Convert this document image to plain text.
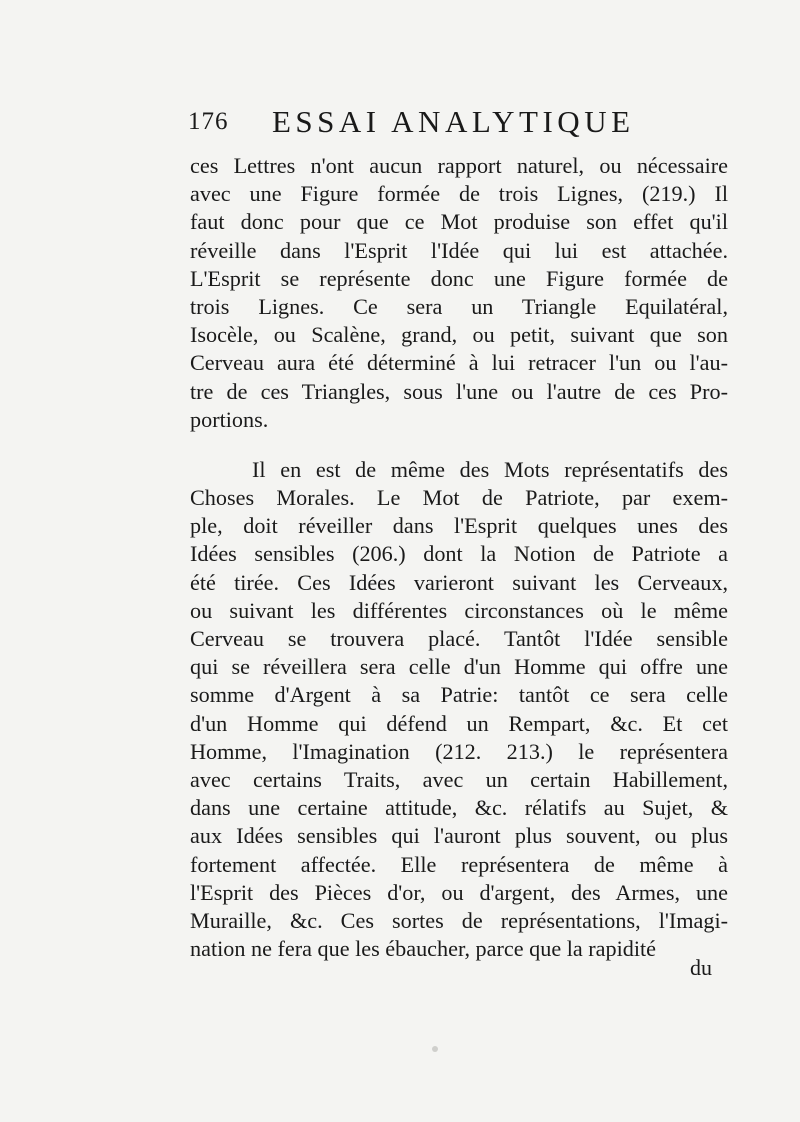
176 ESSAI ANALYTIQUE
ces Lettres n'ont aucun rapport naturel, ou nécessaire
avec une Figure formée de trois Lignes, (219.) Il
faut donc pour que ce Mot produise son effet qu'il
réveille dans l'Esprit l'Idée qui lui est attachée.
L'Esprit se représente donc une Figure formée de
trois Lignes. Ce sera un Triangle Equilatéral,
Isocèle, ou Scalène, grand, ou petit, suivant que son
Cerveau aura été déterminé à lui retracer l'un ou l'au-
tre de ces Triangles, sous l'une ou l'autre de ces Pro-
portions.
Il en est de même des Mots représentatifs des
Choses Morales. Le Mot de Patriote, par exem-
ple, doit réveiller dans l'Esprit quelques unes des
Idées sensibles (206.) dont la Notion de Patriote a
été tirée. Ces Idées varieront suivant les Cerveaux,
ou suivant les différentes circonstances où le même
Cerveau se trouvera placé. Tantôt l'Idée sensible
qui se réveillera sera celle d'un Homme qui offre une
somme d'Argent à sa Patrie: tantôt ce sera celle
d'un Homme qui défend un Rempart, &c. Et cet
Homme, l'Imagination (212. 213.) le représentera
avec certains Traits, avec un certain Habillement,
dans une certaine attitude, &c. rélatifs au Sujet, &
aux Idées sensibles qui l'auront plus souvent, ou plus
fortement affectée. Elle représentera de même à
l'Esprit des Pièces d'or, ou d'argent, des Armes, une
Muraille, &c. Ces sortes de représentations, l'Imagi-
nation ne fera que les ébaucher, parce que la rapidité
du
